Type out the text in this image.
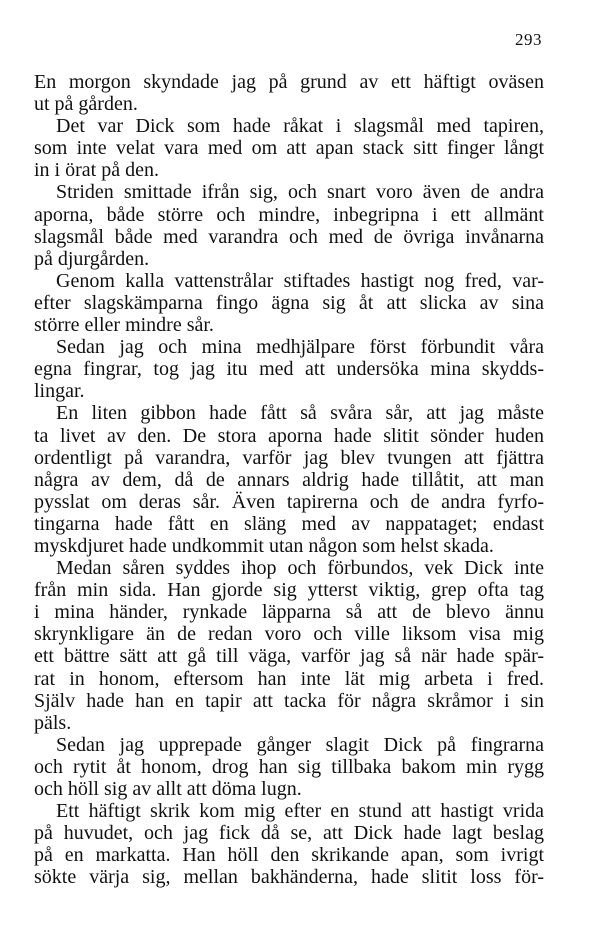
293
En morgon skyndade jag på grund av ett häftigt oväsen
ut på gården.
Det var Dick som hade råkat i slagsmål med tapiren,
som inte velat vara med om att apan stack sitt finger långt
in i örat på den.
Striden smittade ifrån sig, och snart voro även de andra
aporna, både större och mindre, inbegripna i ett allmänt
slagsmål både med varandra och med de övriga invånarna
på djurgården.
Genom kalla vattenstrålar stiftades hastigt nog fred, var-
efter slagskämparna fingo ägna sig åt att slicka av sina
större eller mindre sår.
Sedan jag och mina medhjälpare först förbundit våra
egna fingrar, tog jag itu med att undersöka mina skydds-
lingar.
En liten gibbon hade fått så svåra sår, att jag måste
ta livet av den. De stora aporna hade slitit sönder huden
ordentligt på varandra, varför jag blev tvungen att fjättra
några av dem, då de annars aldrig hade tillåtit, att man
pysslat om deras sår. Även tapirerna och de andra fyrfo-
tingarna hade fått en släng med av nappataget; endast
myskdjuret hade undkommit utan någon som helst skada.
Medan såren syddes ihop och förbundos, vek Dick inte
från min sida. Han gjorde sig ytterst viktig, grep ofta tag
i mina händer, rynkade läpparna så att de blevo ännu
skrynkligare än de redan voro och ville liksom visa mig
ett bättre sätt att gå till väga, varför jag så när hade spär-
rat in honom, eftersom han inte lät mig arbeta i fred.
Själv hade han en tapir att tacka för några skråmor i sin
päls.
Sedan jag upprepade gånger slagit Dick på fingrarna
och rytit åt honom, drog han sig tillbaka bakom min rygg
och höll sig av allt att döma lugn.
Ett häftigt skrik kom mig efter en stund att hastigt vrida
på huvudet, och jag fick då se, att Dick hade lagt beslag
på en markatta. Han höll den skrikande apan, som ivrigt
sökte värja sig, mellan bakhänderna, hade slitit loss för-
